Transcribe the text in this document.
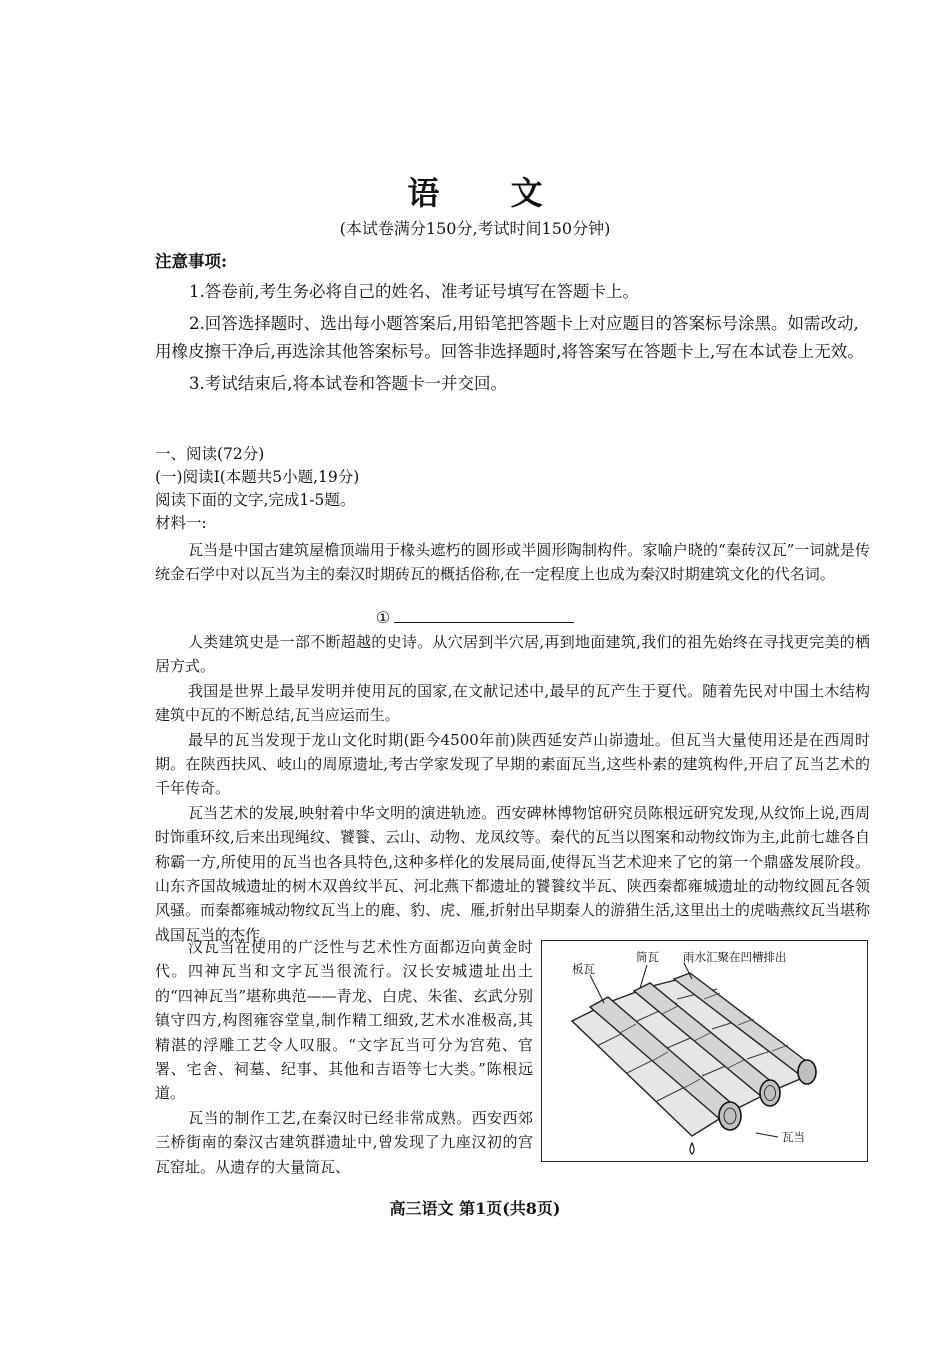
语 文
(本试卷满分150分,考试时间150分钟)
注意事项:

1.答卷前,考生务必将自己的姓名、准考证号填写在答题卡上。

2.回答选择题时、选出每小题答案后,用铅笔把答题卡上对应题目的答案标号涂黑。如需改动,用橡皮擦干净后,再选涂其他答案标号。回答非选择题时,将答案写在答题卡上,写在本试卷上无效。

3.考试结束后,将本试卷和答题卡一并交回。

一、阅读(72分)
(一)阅读Ⅰ(本题共5小题,19分)
阅读下面的文字,完成1-5题。
材料一:

瓦当是中国古建筑屋檐顶端用于椽头遮朽的圆形或半圆形陶制构件。家喻户晓的“秦砖汉瓦”一词就是传统金石学中对以瓦当为主的秦汉时期砖瓦的概括俗称,在一定程度上也成为秦汉时期建筑文化的代名词。

①

人类建筑史是一部不断超越的史诗。从穴居到半穴居,再到地面建筑,我们的祖先始终在寻找更完美的栖居方式。

我国是世界上最早发明并使用瓦的国家,在文献记述中,最早的瓦产生于夏代。随着先民对中国土木结构建筑中瓦的不断总结,瓦当应运而生。

最早的瓦当发现于龙山文化时期(距今4500年前)陕西延安芦山峁遗址。但瓦当大量使用还是在西周时期。在陕西扶风、岐山的周原遗址,考古学家发现了早期的素面瓦当,这些朴素的建筑构件,开启了瓦当艺术的千年传奇。

瓦当艺术的发展,映射着中华文明的演进轨迹。西安碑林博物馆研究员陈根远研究发现,从纹饰上说,西周时饰重环纹,后来出现绳纹、饕餮、云山、动物、龙凤纹等。秦代的瓦当以图案和动物纹饰为主,此前七雄各自称霸一方,所使用的瓦当也各具特色,这种多样化的发展局面,使得瓦当艺术迎来了它的第一个鼎盛发展阶段。山东齐国故城遗址的树木双兽纹半瓦、河北燕下都遗址的饕餮纹半瓦、陕西秦都雍城遗址的动物纹圆瓦各领风骚。而秦都雍城动物纹瓦当上的鹿、豹、虎、雁,折射出早期秦人的游猎生活,这里出土的虎啮燕纹瓦当堪称战国瓦当的杰作。

汉瓦当在使用的广泛性与艺术性方面都迈向黄金时代。四神瓦当和文字瓦当很流行。汉长安城遗址出土的“四神瓦当”堪称典范——青龙、白虎、朱雀、玄武分别镇守四方,构图雍容堂皇,制作精工细致,艺术水准极高,其精湛的浮雕工艺令人叹服。“文字瓦当可分为宫苑、官署、宅舍、祠墓、纪事、其他和吉语等七大类。”陈根远道。

瓦当的制作工艺,在秦汉时已经非常成熟。西安西郊三桥街南的秦汉古建筑群遗址中,曾发现了九座汉初的宫瓦窑址。从遗存的大量筒瓦、

板瓦
筒瓦 雨水汇聚在凹槽排出
瓦当
高三语文 第1页(共8页)
